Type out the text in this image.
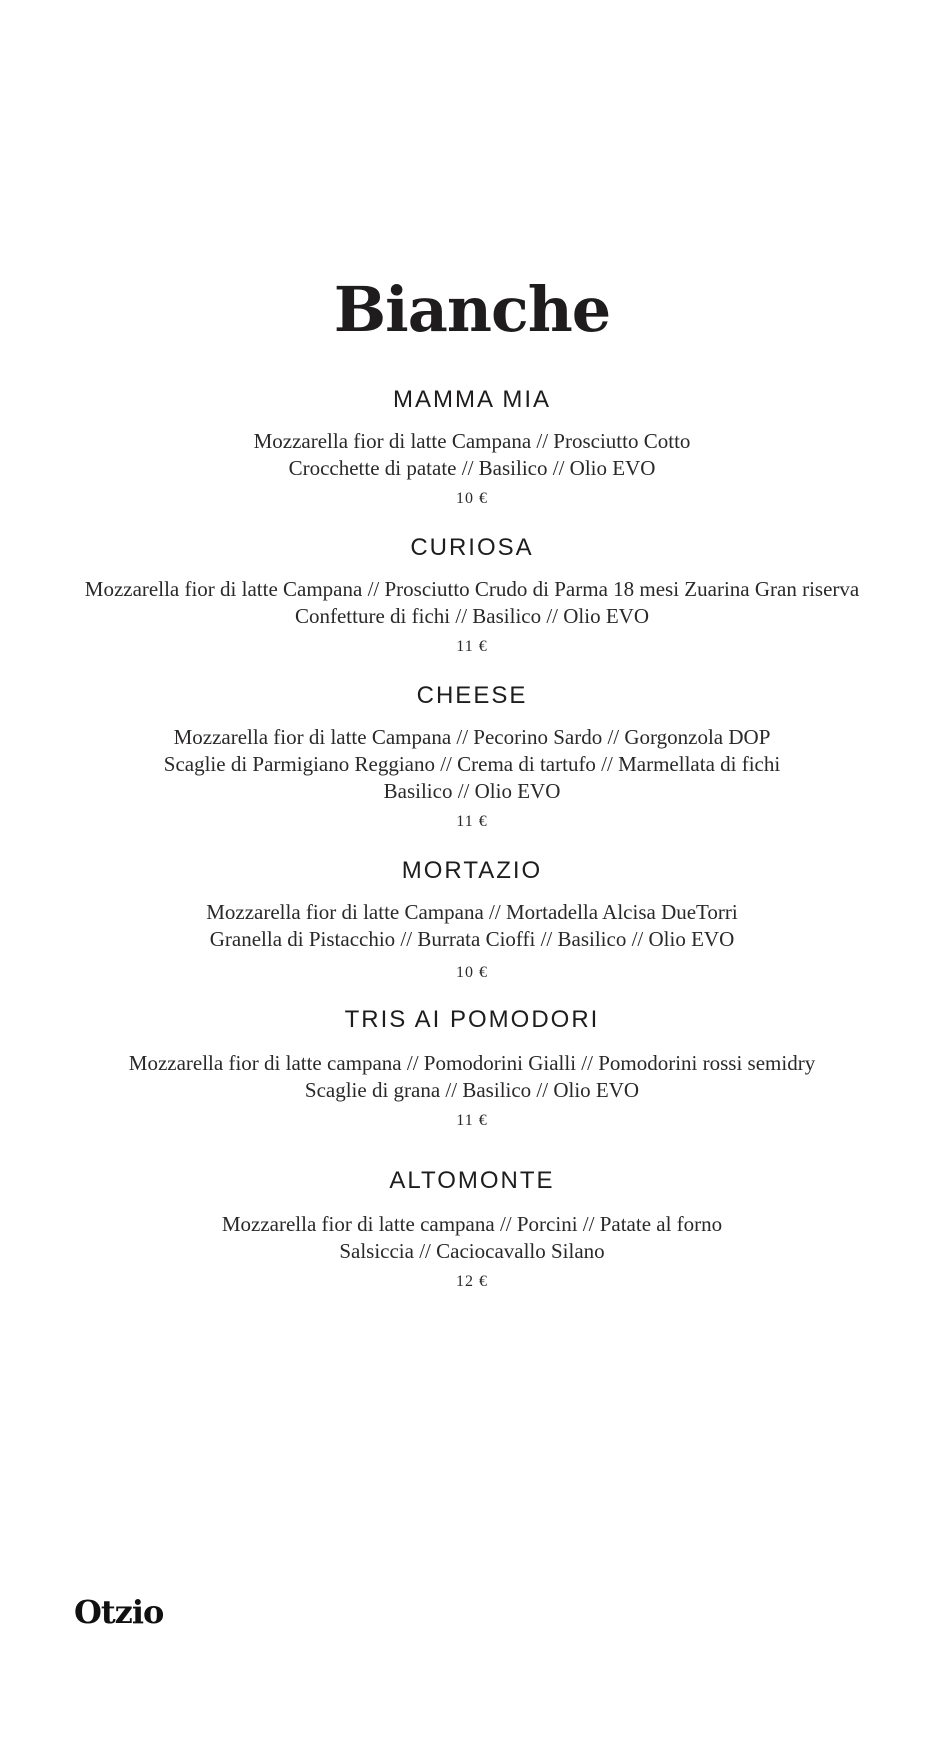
Bianche
MAMMA MIA
Mozzarella fior di latte Campana // Prosciutto Cotto
Crocchette di patate // Basilico // Olio EVO
10 €
CURIOSA
Mozzarella fior di latte Campana // Prosciutto Crudo di Parma 18 mesi Zuarina Gran riserva
Confetture di fichi // Basilico // Olio EVO
11 €
CHEESE
Mozzarella fior di latte Campana // Pecorino Sardo // Gorgonzola DOP
Scaglie di Parmigiano Reggiano // Crema di tartufo // Marmellata di fichi
Basilico // Olio EVO
11 €
MORTAZIO
Mozzarella fior di latte Campana // Mortadella Alcisa DueTorri
Granella di Pistacchio // Burrata Cioffi // Basilico // Olio EVO
10 €
TRIS AI POMODORI
Mozzarella fior di latte campana // Pomodorini Gialli // Pomodorini rossi semidry
Scaglie di grana // Basilico // Olio EVO
11 €
ALTOMONTE
Mozzarella fior di latte campana // Porcini // Patate al forno
Salsiccia // Caciocavallo Silano
12 €
Otzio
